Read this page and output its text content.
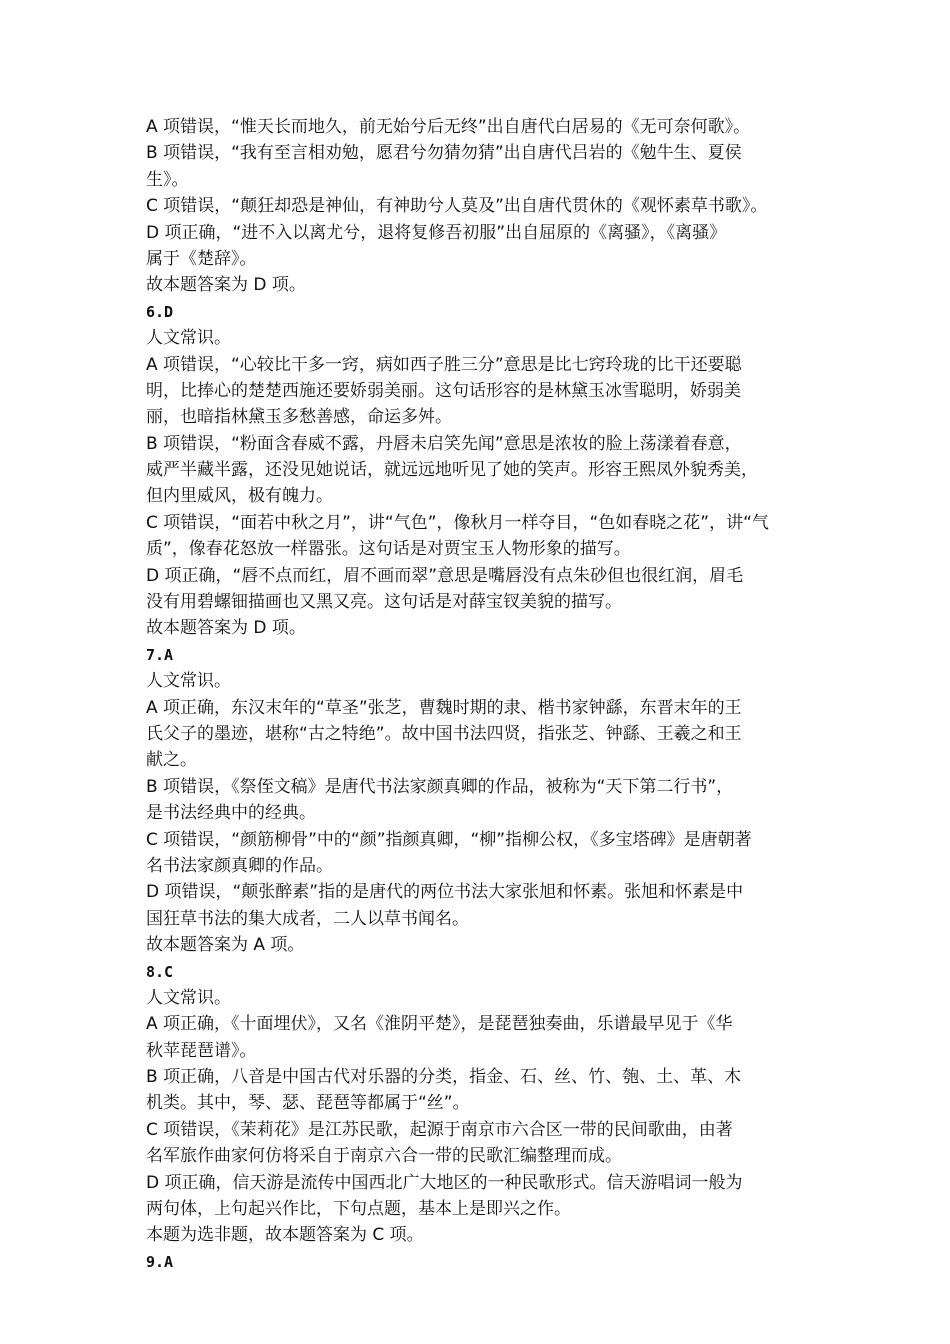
A 项错误，“惟天长而地久，前无始兮后无终”出自唐代白居易的《无可奈何歌》。
B 项错误，“我有至言相劝勉，愿君兮勿猜勿猜”出自唐代吕岩的《勉牛生、夏侯
生》。
C 项错误，“颠狂却恐是神仙，有神助兮人莫及”出自唐代贯休的《观怀素草书歌》。
D 项正确，“进不入以离尤兮，退将复修吾初服”出自屈原的《离骚》，《离骚》
属于《楚辞》。
故本题答案为 D 项。
6.D
人文常识。
A 项错误，“心较比干多一窍，病如西子胜三分”意思是比七窍玲珑的比干还要聪
明，比捧心的楚楚西施还要娇弱美丽。这句话形容的是林黛玉冰雪聪明，娇弱美
丽，也暗指林黛玉多愁善感，命运多舛。
B 项错误，“粉面含春威不露，丹唇未启笑先闻”意思是浓妆的脸上荡漾着春意，
威严半藏半露，还没见她说话，就远远地听见了她的笑声。形容王熙凤外貌秀美，
但内里威风，极有魄力。
C 项错误，“面若中秋之月”，讲“气色”，像秋月一样夺目，“色如春晓之花”，讲“气
质”，像春花怒放一样嚣张。这句话是对贾宝玉人物形象的描写。
D 项正确，“唇不点而红，眉不画而翠”意思是嘴唇没有点朱砂但也很红润，眉毛
没有用碧螺钿描画也又黑又亮。这句话是对薛宝钗美貌的描写。
故本题答案为 D 项。
7.A
人文常识。
A 项正确，东汉末年的“草圣”张芝，曹魏时期的隶、楷书家钟繇，东晋末年的王
氏父子的墨迹，堪称“古之特绝”。故中国书法四贤，指张芝、钟繇、王羲之和王
献之。
B 项错误，《祭侄文稿》是唐代书法家颜真卿的作品，被称为“天下第二行书”，
是书法经典中的经典。
C 项错误，“颜筋柳骨”中的“颜”指颜真卿，“柳”指柳公权，《多宝塔碑》是唐朝著
名书法家颜真卿的作品。
D 项错误，“颠张醉素”指的是唐代的两位书法大家张旭和怀素。张旭和怀素是中
国狂草书法的集大成者，二人以草书闻名。
故本题答案为 A 项。
8.C
人文常识。
A 项正确，《十面埋伏》，又名《淮阴平楚》，是琵琶独奏曲，乐谱最早见于《华
秋苹琵琶谱》。
B 项正确，八音是中国古代对乐器的分类，指金、石、丝、竹、匏、土、革、木
机类。其中，琴、瑟、琵琶等都属于“丝”。
C 项错误，《茉莉花》是江苏民歌，起源于南京市六合区一带的民间歌曲，由著
名军旅作曲家何仿将采自于南京六合一带的民歌汇编整理而成。
D 项正确，信天游是流传中国西北广大地区的一种民歌形式。信天游唱词一般为
两句体，上句起兴作比，下句点题，基本上是即兴之作。
本题为选非题，故本题答案为 C 项。
9.A
